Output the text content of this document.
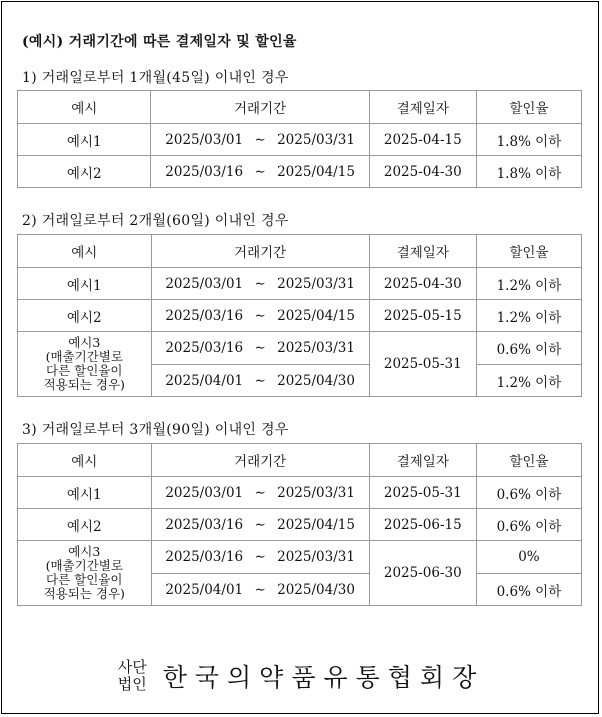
(예시) 거래기간에 따른 결제일자 및 할인율
1) 거래일로부터 1개월(45일) 이내인 경우
예시	거래기간	결제일자	할인율
예시1	2025/03/01 ∼ 2025/03/31	2025-04-15	1.8% 이하
예시2	2025/03/16 ∼ 2025/04/15	2025-04-30	1.8% 이하
2) 거래일로부터 2개월(60일) 이내인 경우
예시	거래기간	결제일자	할인율
예시1	2025/03/01 ∼ 2025/03/31	2025-04-30	1.2% 이하
예시2	2025/03/16 ∼ 2025/04/15	2025-05-15	1.2% 이하

예시3
(매출기간별로
다른 할인율이
적용되는 경우)	2025/03/16 ∼ 2025/03/31	2025-05-31	0.6% 이하
	2025/04/01 ∼ 2025/04/30		1.2% 이하
3) 거래일로부터 3개월(90일) 이내인 경우
예시	거래기간	결제일자	할인율
예시1	2025/03/01 ∼ 2025/03/31	2025-05-31	0.6% 이하
예시2	2025/03/16 ∼ 2025/04/15	2025-06-15	0.6% 이하

예시3
(매출기간별로
다른 할인율이
적용되는 경우)	2025/03/16 ∼ 2025/03/31	2025-06-30	0%
	2025/04/01 ∼ 2025/04/30		0.6% 이하
사단
법인 한국의약품유통협회장
